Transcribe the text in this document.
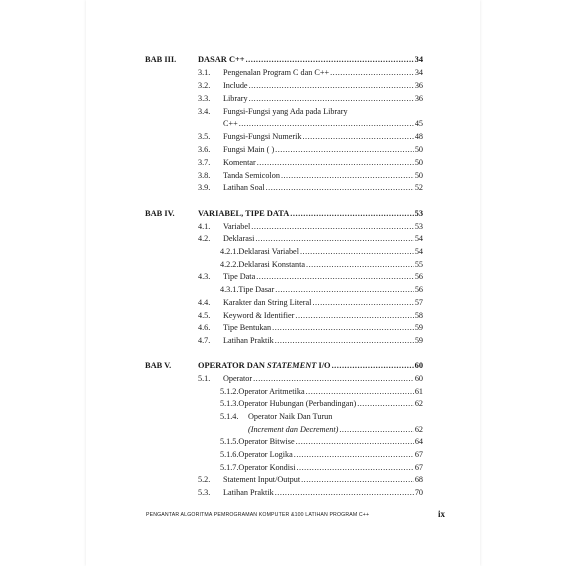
BAB III.	DASAR C++ .....	34
3.1. Pengenalan Program C dan C++ .....	34
3.2. Include .....	36
3.3. Library .....	36
3.4. Fungsi-Fungsi yang Ada pada Library
C++ .....	45
3.5. Fungsi-Fungsi Numerik .....	48
3.6. Fungsi Main ( ) .....	50
3.7. Komentar .....	50
3.8. Tanda Semicolon .....	50
3.9. Latihan Soal .....	52
BAB IV.	VARIABEL, TIPE DATA .....	53
4.1. Variabel .....	53
4.2. Deklarasi .....	54
4.2.1. Deklarasi Variabel .....	54
4.2.2. Deklarasi Konstanta .....	55
4.3. Tipe Data .....	56
4.3.1. Tipe Dasar .....	56
4.4. Karakter dan String Literal .....	57
4.5. Keyword & Identifier .....	58
4.6. Tipe Bentukan .....	59
4.7. Latihan Praktik .....	59
BAB V.	OPERATOR DAN STATEMENT I/O .....	60
5.1. Operator .....	60
5.1.2. Operator Aritmetika .....	61
5.1.3. Operator Hubungan (Perbandingan) .....	62
5.1.4. Operator Naik Dan Turun
(Increment dan Decrement) .....	62
5.1.5. Operator Bitwise .....	64
5.1.6. Operator Logika .....	67
5.1.7. Operator Kondisi .....	67
5.2. Statement Input/Output .....	68
5.3. Latihan Praktik .....	70
PENGANTAR ALGORITMA PEMROGRAMAN KOMPUTER &100 LATIHAN PROGRAM C++	ix
